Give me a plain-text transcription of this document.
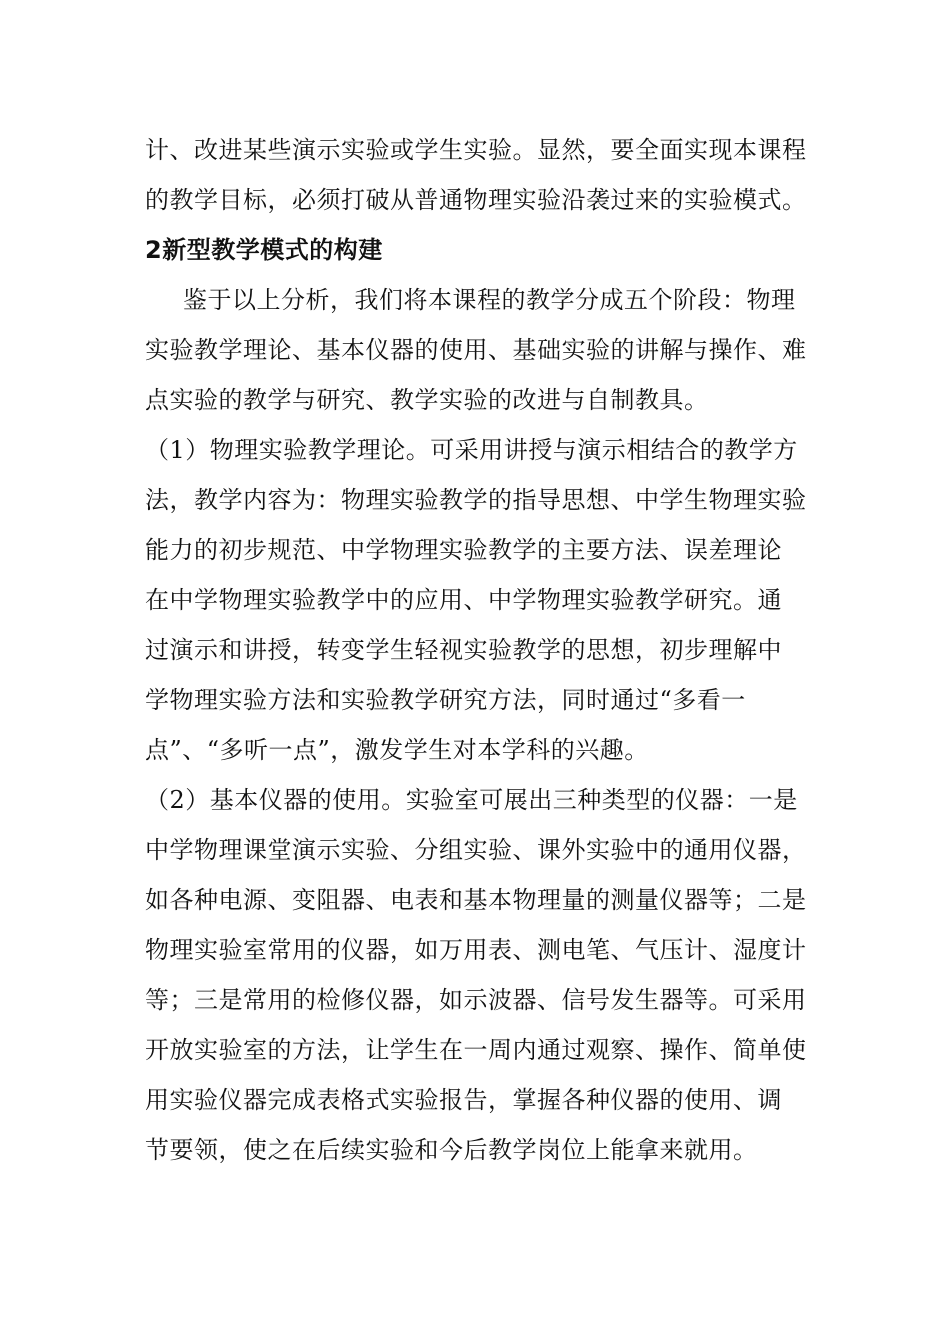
计、改进某些演示实验或学生实验。显然，要全面实现本课程
的教学目标，必须打破从普通物理实验沿袭过来的实验模式。
2新型教学模式的构建
鉴于以上分析，我们将本课程的教学分成五个阶段：物理
实验教学理论、基本仪器的使用、基础实验的讲解与操作、难
点实验的教学与研究、教学实验的改进与自制教具。
（1）物理实验教学理论。可采用讲授与演示相结合的教学方
法，教学内容为：物理实验教学的指导思想、中学生物理实验
能力的初步规范、中学物理实验教学的主要方法、误差理论
在中学物理实验教学中的应用、中学物理实验教学研究。通
过演示和讲授，转变学生轻视实验教学的思想，初步理解中
学物理实验方法和实验教学研究方法，同时通过“多看一
点”、“多听一点”，激发学生对本学科的兴趣。
（2）基本仪器的使用。实验室可展出三种类型的仪器：一是
中学物理课堂演示实验、分组实验、课外实验中的通用仪器，
如各种电源、变阻器、电表和基本物理量的测量仪器等；二是
物理实验室常用的仪器，如万用表、测电笔、气压计、湿度计
等；三是常用的检修仪器，如示波器、信号发生器等。可采用
开放实验室的方法，让学生在一周内通过观察、操作、简单使
用实验仪器完成表格式实验报告，掌握各种仪器的使用、调
节要领，使之在后续实验和今后教学岗位上能拿来就用。
